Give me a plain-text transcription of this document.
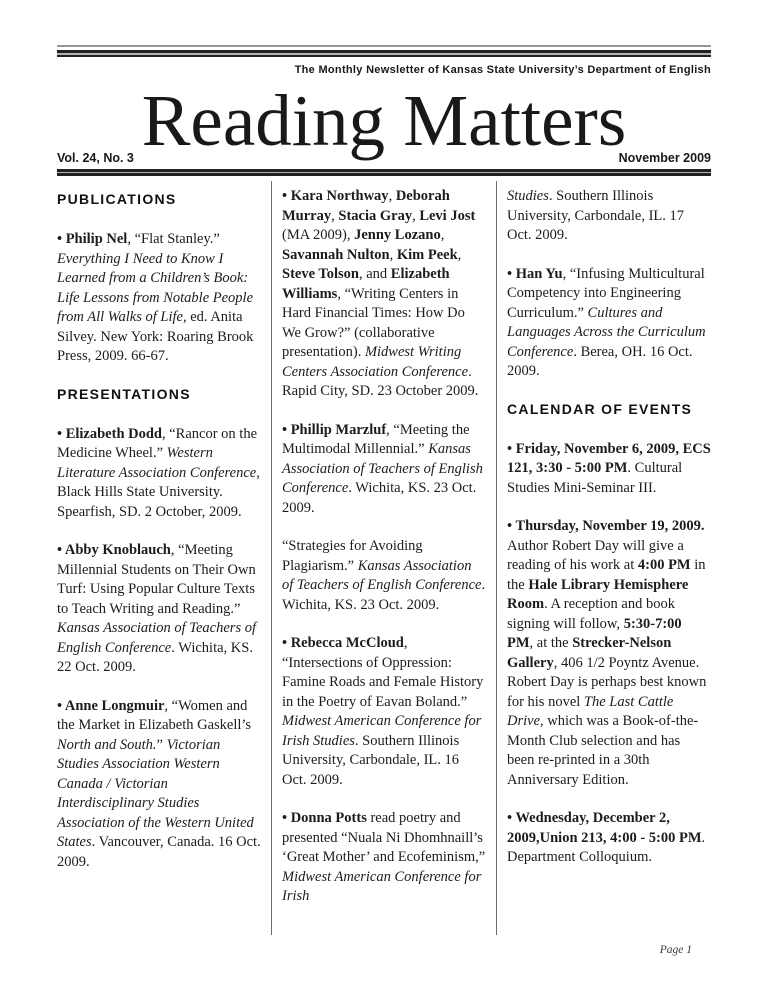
The Monthly Newsletter of Kansas State University’s Department of English
Reading Matters
Vol. 24, No. 3	November 2009
PUBLICATIONS

• Philip Nel, “Flat Stanley.” Everything I Need to Know I Learned from a Children’s Book: Life Lessons from Notable People from All Walks of Life, ed. Anita Silvey. New York: Roaring Brook Press, 2009. 66-67.

PRESENTATIONS

• Elizabeth Dodd, “Rancor on the Medicine Wheel.” Western Literature Association Conference, Black Hills State University. Spearfish, SD. 2 October, 2009.

• Abby Knoblauch, “Meeting Millennial Students on Their Own Turf: Using Popular Culture Texts to Teach Writing and Reading.” Kansas Association of Teachers of English Conference. Wichita, KS. 22 Oct. 2009.

• Anne Longmuir, “Women and the Market in Elizabeth Gaskell’s North and South.” Victorian Studies Association Western Canada / Victorian Interdisciplinary Studies Association of the Western United States. Vancouver, Canada. 16 Oct. 2009.

• Kara Northway, Deborah Murray, Stacia Gray, Levi Jost (MA 2009), Jenny Lozano, Savannah Nulton, Kim Peek, Steve Tolson, and Elizabeth Williams, “Writing Centers in Hard Financial Times: How Do We Grow?” (collaborative presentation). Midwest Writing Centers Association Conference. Rapid City, SD. 23 October 2009.

• Phillip Marzluf, “Meeting the Multimodal Millennial.” Kansas Association of Teachers of English Conference. Wichita, KS. 23 Oct. 2009.

“Strategies for Avoiding Plagiarism.” Kansas Association of Teachers of English Conference. Wichita, KS. 23 Oct. 2009.

• Rebecca McCloud, “Intersections of Oppression: Famine Roads and Female History in the Poetry of Eavan Boland.” Midwest American Conference for Irish Studies. Southern Illinois University, Carbondale, IL. 16 Oct. 2009.

• Donna Potts read poetry and presented “Nuala Ni Dhomhnaill’s ‘Great Mother’ and Ecofeminism,” Midwest American Conference for Irish

Studies. Southern Illinois University, Carbondale, IL. 17 Oct. 2009.

• Han Yu, “Infusing Multicultural Competency into Engineering Curriculum.” Cultures and Languages Across the Curriculum Conference. Berea, OH. 16 Oct. 2009.

CALENDAR OF EVENTS

• Friday, November 6, 2009, ECS 121, 3:30 - 5:00 PM. Cultural Studies Mini-Seminar III.

• Thursday, November 19, 2009. Author Robert Day will give a reading of his work at 4:00 PM in the Hale Library Hemisphere Room. A reception and book signing will follow, 5:30-7:00 PM, at the Strecker-Nelson Gallery, 406 1/2 Poyntz Avenue. Robert Day is perhaps best known for his novel The Last Cattle Drive, which was a Book-of-the-Month Club selection and has been re-printed in a 30th Anniversary Edition.

• Wednesday, December 2, 2009,Union 213, 4:00 - 5:00 PM. Department Colloquium.

Page 1
